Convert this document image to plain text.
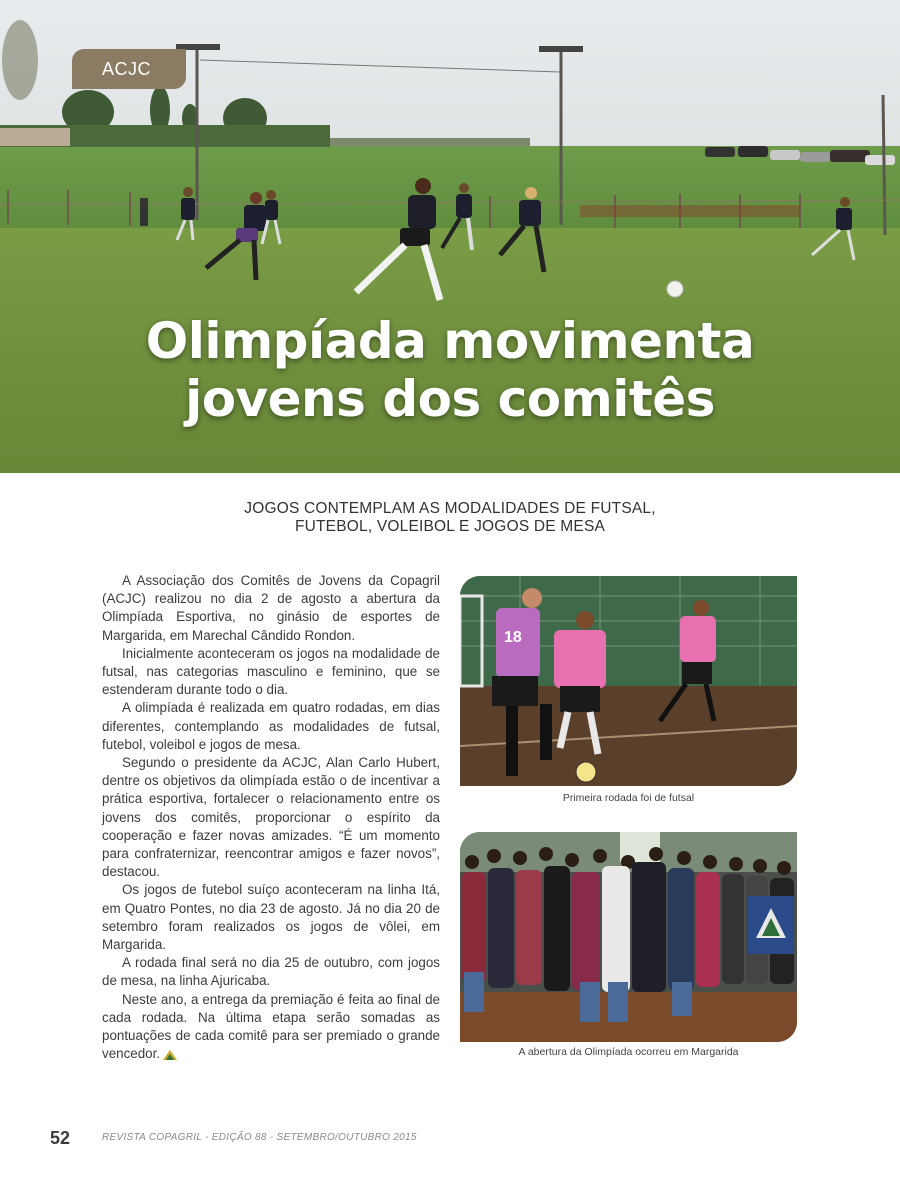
ACJC
Olimpíada movimenta
jovens dos comitês
JOGOS CONTEMPLAM AS MODALIDADES DE FUTSAL,
FUTEBOL, VOLEIBOL E JOGOS DE MESA

A Associação dos Comitês de Jovens da Copagril (ACJC) realizou no dia 2 de agosto a abertura da Olimpíada Esportiva, no ginásio de esportes de Margarida, em Marechal Cândido Rondon.

Inicialmente aconteceram os jogos na modalidade de futsal, nas categorias masculino e feminino, que se estenderam durante todo o dia.

A olimpíada é realizada em quatro rodadas, em dias diferentes, contemplando as modalidades de futsal, futebol, voleibol e jogos de mesa.

Segundo o presidente da ACJC, Alan Carlo Hubert, dentre os objetivos da olimpíada estão o de incentivar a prática esportiva, fortalecer o relacionamento entre os jovens dos comitês, proporcionar o espírito da cooperação e fazer novas amizades. “É um momento para confraternizar, reencontrar amigos e fazer novos”, destacou.

Os jogos de futebol suíço aconteceram na linha Itá, em Quatro Pontes, no dia 23 de agosto. Já no dia 20 de setembro foram realizados os jogos de vôlei, em Margarida.

A rodada final será no dia 25 de outubro, com jogos de mesa, na linha Ajuricaba.

Neste ano, a entrega da premiação é feita ao final de cada rodada. Na última etapa serão somadas as pontuações de cada comitê para ser premiado o grande vencedor.

18
Primeira rodada foi de futsal
A abertura da Olimpíada ocorreu em Margarida
52	REVISTA COPAGRIL - EDIÇÃO 88 - SETEMBRO/OUTUBRO 2015
